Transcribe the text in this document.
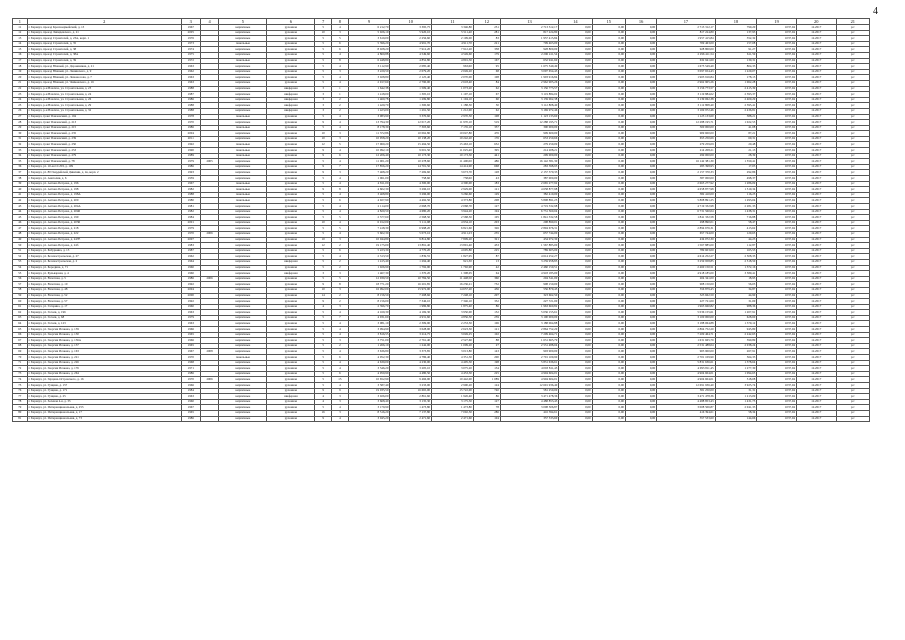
4
1	2	3	4	5	6	7	8	9	10	11	12	13	14	15	16	17	18	19	20	21
11	г. Барнаул, проезд Красноармейский, д. 13	1967		кирпичные	рулонная	5	4	6 212,70	3 395,75	3 346,80	251	2 713 312,17	0,00	0,00	0,00	2 713 312,17	799,20	1037,04	12.2017	р/с
12	г. Барнаул, проезд Ляпидевского, д. 21	2005		кирпичные	рулонная	10	3	5 926,10	5 920,10	5 511,40	281	817 224,80	0,00	0,00	0,00	817 224,80	137,93	1037,04	12.2017	р/с
13	г. Барнаул, проезд Строителей, д. 23А, корп. 1	1976		кирпичные	рулонная	5	5	3 619,00	2 256,60	2 199,00	83	1 957 415,84	0,00	0,00	0,00	1 957 415,84	352,32	1037,04	12.2017	р/с
14	г. Барнаул, проезд Строителей, д. 35	1973		панельные	рулонная	5	6	5 396,20	4 991,70	4 911,70	221	709 463,00	0,00	0,00	0,00	709 463,00	157,08	1037,04	12.2017	р/с
15	г. Барнаул, проезд Строителей, д. 38	1974		кирпичные	рулонная	5	6	8 028,20	7 912,20	7 912,20	358	928 800,00	0,00	0,00	0,00	928 800,00	91,27	1037,04	12.2017	р/с
16	г. Барнаул, проезд Строителей, д. 38А	1975		кирпичные	рулонная	5	4	4 869,88	4 549,60	4 549,60	179	2 296 411,54	0,00	0,00	0,00	2 296 411,54	611,59	1037,04	12.2017	р/с
17	г. Барнаул, проезд Строителей, д. 39	1972		панельные	рулонная	5	8	6 448,80	4 852,80	4 801,30	167	632 941,60	0,00	0,00	0,00	632 941,60	130,31	1037,04	12.2017	р/с
18	г. Барнаул, проезд Южный, ул. Дорожников, д. 21	1963		кирпичные	рулонная	5	4	3 112,90	2 085,40	963,60	95	1 675 549,49	0,00	0,00	0,00	1 675 549,49	804,33	1037,04	12.2017	р/с
19	г. Барнаул, проезд Южный, ул. Ленинского, д. 9	1962		кирпичные	рулонная	5	3	3 229,50	2 079,20	2 049,20	68	3 097 654,43	0,00	0,00	0,00	3 097 654,43	1 229,07	1037,04	12.2017	р/с
20	г. Барнаул, проезд Южный, ул. Ломоносова, д. 7	1963		кирпичные	рулонная	5	4	3 028,80	2 125,40	2 070,00	108	1 903 916,84	0,00	0,00	0,00	1 903 916,84	178,15	1037,04	12.2017	р/с
21	г. Барнаул, проезд Южный, ул. Чайковского, д. 16	1963		кирпичные	рулонная	5	4	2 917,60	2 790,00	2 618,40	84	2 962 905,26	0,00	0,00	0,00	2 962 905,26	1 062,28	1037,04	12.2017	р/с
22	г. Барнаул, р-н Власиха, ул. Строительная, д. 23	1988		кирпичные	шиферная	3	1	1 642,38	1 509,40	1 073,20	62	3 156 773,57	0,00	0,00	0,00	3 156 773,57	2 415,39	1037,04	12.2017	р/с
23	г. Барнаул, р-н Власиха, ул. Строительная, д. 24	1987		кирпичные	шиферная	3	1	1 418,00	1 305,10	1 197,10	67	3 119 884,02	0,00	0,00	0,00	3 119 884,02	2 393,37	1037,04	12.2017	р/с
24	г. Барнаул, р-н Власиха, ул. Строительная, д. 26	1986		кирпичные	шиферная	3	2	1 460,78	1 299,80	1 194,10	60	3 139 062,38	0,00	0,00	0,00	3 139 062,38	2 409,29	1037,04	12.2017	р/с
25	г. Барнаул, р-н Власиха, ул. Строительная, д. 29	1988		кирпичные	шиферная	3	2	1 429,70	1 300,60	1 188,50	50	3 112 808,40	0,00	0,00	0,00	3 112 808,40	2 395,41	1037,04	12.2017	р/с
26	г. Барнаул, р-н Власиха, ул. Строительная, д. 32	1988		кирпичные	шиферная	3	2	1 423,00	1 291,50	1 212,00	62	3 169 972,46	0,00	0,00	0,00	3 169 972,46	2 436,81	1037,04	12.2017	р/с
27	г. Барнаул, тракт Павловский, д. 194	1978		панельные	рулонная	5	4	3 983,90	3 370,60	2 970,50	108	1 123 133,60	0,00	0,00	0,00	1 123 133,60	388,21	1037,04	12.2017	р/с
28	г. Барнаул, тракт Павловский, д. 213	1970		кирпичные	рулонная	9	4	13 794,30	12 017,20	11 970,10	519	12 288 195,71	0,00	0,00	0,00	12 288 195,71	1 022,55	1037,04	12.2017	р/с
29	г. Барнаул, тракт Павловский, д. 215	1986		панельные	рулонная	5	4	8 178,30	7 303,60	7 135,10	357	300 000,00	0,00	0,00	0,00	300 000,00	41,08	1037,04	12.2017	р/с
30	г. Барнаул, тракт Павловский, д. 235	2004		кирпичные	рулонная	10	3	11 372,86	10 062,80	10 047,80	476	909 600,00	0,00	0,00	0,00	909 600,00	87,21	1037,04	12.2017	р/с
31	г. Барнаул, тракт Павловский, д. 239	2011		кирпичные	рулонная	10	3	10 958,20	10 138,20	10 242,20	176	653 250,66	0,00	0,00	0,00	653 250,66	60,31	1037,04	12.2017	р/с
32	г. Барнаул, тракт Павловский, д. 250	1992		панельные	рулонная	12	5	17 960,20	15 494,50	15 463,10	652	279 259,09	0,00	0,00	0,00	279 259,09	20,48	1037,04	12.2017	р/с
33	г. Барнаул, тракт Павловский, д. 253	1990		панельные	рулонная	9	4	10 092,10	9 001,50	11 025,40	395	214 208,21	0,00	0,00	0,00	214 208,21	21,13	1037,04	12.2017	р/с
34	г. Барнаул, тракт Павловский, д. 279	1989		панельные	рулонная	9	6	12 206,40	10 173,30	10 173,30	441	299 000,00	0,00	0,00	0,00	299 000,00	28,39	1037,04	12.2017	р/с
35	г. Барнаул, тракт Павловский, д. 78	1979	2005	кирпичные	рулонная	5	4	11 001,20	10 278,60	11 400,00	486	16 142 381,30	0,00	0,00	0,00	16 142 381,30	1 550,41	1037,04	12.2017	р/с
36	г. Барнаул, ул. 10-ая ССЛП, д. 109	1986		кирпичные	рулонная	9	7	17 856,20	14 701,50	14 414,90	668	283 398,95	0,00	0,00	0,00	283 398,95	17,03	1037,04	12.2017	р/с
37	г. Барнаул, ул. 80 Гвардейской Дивизии, д. 4а, корп. 2	1993		кирпичные	рулонная	9	3	7 468,20	7 269,60	3 673,70	128	2 157 370,33	0,00	0,00	0,00	2 157 370,33	292,86	1037,04	12.2017	р/с
38	г. Барнаул, ул. Анатолия, д. 6	1959		кирпичные	рулонная	5	4	1 061,00	758,60	758,60	43	387 000,00	0,00	0,00	0,00	387 000,00	498,37	1037,04	12.2017	р/с
39	г. Барнаул, ул. Антона Петрова, д. 196	1967		панельные	рулонная	5	4	4 811,00	4 300,00	4 300,00	183	2 665 277,92	0,00	0,00	0,00	2 665 277,92	1 286,09	1037,04	12.2017	р/с
40	г. Барнаул, ул. Антона Петрова, д. 198	1982		панельные	рулонная	9	8	4 602,30	3 296,10	2 929,00	121	4 658 877,98	0,00	0,00	0,00	4 658 877,98	1 519,34	1037,04	12.2017	р/с
41	г. Барнаул, ул. Антона Петрова, д. 198А	1988		панельные	рулонная	5	4	3 468,80	3 296,00	3 266,60	129	382 410,00	0,00	0,00	0,00	382 410,00	116,25	1037,04	12.2017	р/с
42	г. Барнаул, ул. Антона Петрова, д. 200	1980		панельные	рулонная	5	6	4 927,90	4 492,50	4 373,80	208	5 808 891,25	0,00	0,00	0,00	5 808 891,25	1 293,04	1037,04	12.2017	р/с
43	г. Барнаул, ул. Антона Петрова, д. 204А	1981		кирпичные	рулонная	5	4	2 114,00	2 068,70	2 068,70	127	4 719 332,98	0,00	0,00	0,00	4 719 332,98	2 281,33	1037,04	12.2017	р/с
44	г. Барнаул, ул. Антона Петрова, д. 204Б	1982		кирпичные	рулонная	5	4	4 820,50	4 680,20	3 944,20	194	6 731 560,04	0,00	0,00	0,00	6 731 560,04	1 438,31	1037,04	12.2017	р/с
45	г. Барнаул, ул. Антона Петрова, д. 199	1984		кирпичные	рулонная	5	5	2 577,60	2 568,50	2 568,50	105	1 841 332,58	0,00	0,00	0,00	1 841 332,58	716,88	1037,04	12.2017	р/с
46	г. Барнаул, ул. Антона Петрова, д. 203Б	2001		кирпичные	рулонная	10	4	6 012,00	5 111,98	4 934,10	203	298 890,01	0,00	0,00	0,00	298 890,01	58,47	1037,04	12.2017	р/с
47	г. Барнаул, ул. Антона Петрова, д. 218	1979		кирпичные	рулонная	5	5	7 418,30	6 998,20	6 821,60	326	2 894 676,31	0,00	0,00	0,00	2 894 676,31	413,62	1037,04	12.2017	р/с
48	г. Барнаул, ул. Антона Петрова, д. 222	1970	2006	кирпичные	рулонная	5	4	5 602,30	5 073,16	4 911,23	235	657 744,00	0,00	0,00	0,00	657 744,00	129,65	1037,04	12.2017	р/с
49	г. Барнаул, ул. Антона Петрова, д. 247Е	2007		кирпичные	рулонная	10	3	10 044,80	9 814,80	7 809,20	321	434 072,30	0,00	0,00	0,00	434 072,30	44,23	1037,04	12.2017	р/с
50	г. Барнаул, ул. Антона Петрова, д. 24б	1983		кирпичные	рулонная	12	2	19 175,00	13 891,40	13 891,40	453	1 567 885,00	0,00	0,00	0,00	1 567 885,00	112,87	1037,04	12.2017	р/с
51	г. Барнаул, ул. Бабуркина, д. 13	1987		кирпичные	рулонная	5	6	5 223,30	4 770,20	4 695,80	225	789 603,00	0,00	0,00	0,00	789 603,00	165,53	1037,04	12.2017	р/с
52	г. Барнаул, ул. Бесенастрельская, д. 27	1962		кирпичные	рулонная	5	4	2 313,50	1 839,55	1 827,95	87	4 614 252,27	0,00	0,00	0,00	4 614 252,27	2 508,35	1037,04	12.2017	р/с
53	г. Барнаул, ул. Бесенастрельская, д. 2	1964		кирпичные	шиферная	5	2	1 415,40	1 294,40	921,30	13	3 259 958,85	0,00	0,00	0,00	3 259 958,85	2 518,50	1037,04	12.2017	р/с
54	г. Барнаул, ул. Бородина, д. 71	1960		кирпичные	рулонная	5	2	1 926,90	1 792,90	1 792,90	42	2 460 150,51	0,00	0,00	0,00	2 460 150,51	1 372,16	1037,04	12.2017	р/с
55	г. Барнаул, ул. Бульварная, д. 4	1960		кирпичные	шиферная	3	3	1 467,30	1 370,20	1 308,05	64	4 918 185,00	0,00	0,00	0,00	4 918 185,00	3 589,41	1037,04	12.2017	р/с
56	г. Барнаул, ул. Взлетная, д. 5	1986	2006	кирпичные	рулонная	5	5	12 939,50	10 784,50	11 448,50	360	204 341,00	0,00	0,00	0,00	204 341,00	18,95	1037,04	12.2017	р/с
57	г. Барнаул, ул. Взлетная, д. 10	1992		кирпичные	рулонная	9	8	18 771,20	16 201,85	16 236,21	752	908 150,00	0,00	0,00	0,00	908 150,00	56,05	1037,04	12.2017	р/с
58	г. Барнаул, ул. Взлетная, д. 48	2004		кирпичные	рулонная	10	3	16 092,00	15 972,00	14 657,20	456	556 879,45	0,00	0,00	0,00	556 879,45	34,87	1037,04	12.2017	р/с
59	г. Барнаул, ул. Взлетная, д. 52	2000		кирпичные	рулонная	14	2	8 156,50	7 208,66	7 248,10	207	323 662,50	0,00	0,00	0,00	323 662,50	44,90	1037,04	12.2017	р/с
60	г. Барнаул, ул. Взлетная, д. 57	1992		кирпичные	рулонная	9	2	8 156,00	7 346,10	7 346,10	352	227 721,00	0,00	0,00	0,00	227 721,00	31,00	1037,04	12.2017	р/с
61	г. Барнаул, ул. Гагарина, д. 17	1960		кирпичные	рулонная	4	3	2 396,70	1 986,80	1 875,40	86	1 963 660,82	0,00	0,00	0,00	1 963 660,82	988,36	1037,04	12.2017	р/с
62	г. Барнаул, ул. Гоголя, д. 196	1963		кирпичные	рулонная	5	4	4 169,30	4 169,30	3 950,00	152	5 036 155,61	0,00	0,00	0,00	5 036 155,61	1 207,91	1037,04	12.2017	р/с
63	г. Барнаул, ул. Гоголя, д. 68	1979		кирпичные	рулонная	5	7	4 931,60	4 931,60	4 856,30	259	3 100 000,00	0,00	0,00	0,00	3 100 000,00	628,60	1037,04	12.2017	р/с
64	г. Барнаул, ул. Гоголя, д. 123	1963		кирпичные	рулонная	5	4	3 081,10	2 309,90	2 253,50	106	3 188 064,88	0,00	0,00	0,00	3 188 064,88	1 379,12	1037,04	12.2017	р/с
65	г. Барнаул, ул. Георгия Исакова, д. 139	1966		кирпичные	рулонная	5	4	3 094,90	3 028,90	2 623,50	121	2 864 752,20	0,00	0,00	0,00	2 864 752,20	945,80	1037,04	12.2017	р/с
66	г. Барнаул, ул. Георгия Исакова, д. 130	1965		кирпичные	рулонная	5	4	3 816,55	3 214,75	3 049,25	102	7 209 464,71	0,00	0,00	0,00	7 209 464,71	2 242,63	1037,04	12.2017	р/с
67	г. Барнаул, ул. Георгия Исакова, д. 136А	1966		кирпичные	рулонная	5	3	3 751,00	2 761,40	2 527,60	88	1 631 665,79	0,00	0,00	0,00	1 631 665,79	590,89	1037,04	12.2017	р/с
68	г. Барнаул, ул. Георгия Исакова, д. 137	1965		кирпичные	рулонная	5	2	1 266,10	1 242,00	1 009,20	27	2 531 488,04	0,00	0,00	0,00	2 531 488,04	2 038,24	1037,04	12.2017	р/с
69	г. Барнаул, ул. Георгия Исакова, д. 163	1967	2008	кирпичные	рулонная	5	4	3 636,80	3 373,85	3 013,80	143	903 900,00	0,00	0,00	0,00	903 900,00	267,91	1037,04	12.2017	р/с
70	г. Барнаул, ул. Георгия Исакова, д. 221	1970		панельные	рулонная	5	6	4 952,30	4 786,40	4 351,30	200	2 701 109,90	0,00	0,00	0,00	2 701 109,90	564,33	1037,04	12.2017	р/с
71	г. Барнаул, ул. Георгия Исакова, д. 226	1968		кирпичные	рулонная	5	4	4 639,00	4 230,00	4 405,30	198	5 831 636,61	0,00	0,00	0,00	5 831 636,61	1 378,64	1037,04	12.2017	р/с
72	г. Барнаул, ул. Георгия Исакова, д. 176	1971		кирпичные	рулонная	5	4	3 546,20	3 205,10	3 075,20	134	4 093 811,45	0,00	0,00	0,00	4 093 811,45	1 277,30	1037,04	12.2017	р/с
73	г. Барнаул, ул. Георгия Исакова, д. 264	1986		кирпичные	рулонная	5	6	4 950,90	4 480,50	4 453,30	225	4 904 604,01	0,00	0,00	0,00	4 904 604,01	1 094,65	1037,04	12.2017	р/с
74	г. Барнаул, ул. Герцена-Островского, д. 16	1970	2006	кирпичные	рулонная	5	15	10 652,90	9 466,90	10 442,00	1 089	4 904 604,01	0,00	0,00	0,00	4 904 604,01	518,08	1037,04	12.2017	р/с
75	г. Барнаул, ул. Гущина, д. 157	1966		кирпичные	рулонная	5	4	3 587,40	3 233,00	2 990,20	124	12 691 936,40	0,00	0,00	0,00	12 691 936,40	3 925,74	1037,04	12.2017	р/с
76	г. Барнаул, ул. Гущина, д. 171	1984		кирпичные	рулонная	9	9	19 035,50	16 665,00	15 722,00	740	581 250,00	0,00	0,00	0,00	581 250,00	31,31	1037,04	12.2017	р/с
77	г. Барнаул, ул. Гущина, д. 25	1963		кирпичные	шиферная	4	3	3 026,00	2 861,60	1 926,40	86	3 471 478,36	0,00	0,00	0,00	3 471 478,36	1 213,09	1037,04	12.2017	р/с
78	г. Барнаул, ул. Зеленая 4-я, д. 33	1960		кирпичные	рулонная	4	3	3 668,40	3 135,30	3 175,30	127	4 488 853,43	0,00	0,00	0,00	4 488 853,43	1 431,75	1037,04	12.2017	р/с
79	г. Барнаул, ул. Интернациональная, д. 253	1967		кирпичные	рулонная	5	4	3 179,90	1 473,80	1 473,80	78	3 008 506,87	0,00	0,00	0,00	3 008 506,87	2 041,33	1037,04	12.2017	р/с
80	г. Барнаул, ул. Интернациональная, д. 17	1965		кирпичные	рулонная	16	3	8 516,20	7 137,80	7 092,50	286	416 394,61	0,00	0,00	0,00	416 394,61	58,34	1037,04	12.2017	р/с
81	г. Барнаул, ул. Интернациональная, д. 73	1986		кирпичные	рулонная	9	4	3 045,20	2 471,60	2 471,60	104	357 533,60	0,00	0,00	0,00	357 533,60	144,66	1037,04	12.2017	р/с
